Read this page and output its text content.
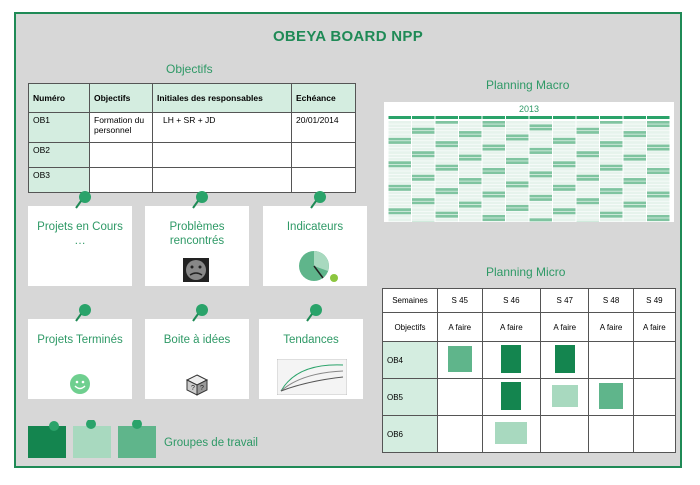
OBEYA BOARD NPP
Objectifs
Numéro	Objectifs	Initiales des responsables	Echéance
OB1	Formation du personnel	LH + SR + JD	20/01/2014
OB2			
OB3			
Projets en Cours
…
Problèmes rencontrés
Indicateurs
Projets Terminés	Boite à idées
? ?
Tendances
Groupes de travail
Planning Macro
2013
Planning Micro
Semaines	S 45	S 46	S 47	S 48	S 49
Objectifs	A faire	A faire	A faire	A faire	A faire
OB4					
OB5					
OB6					
